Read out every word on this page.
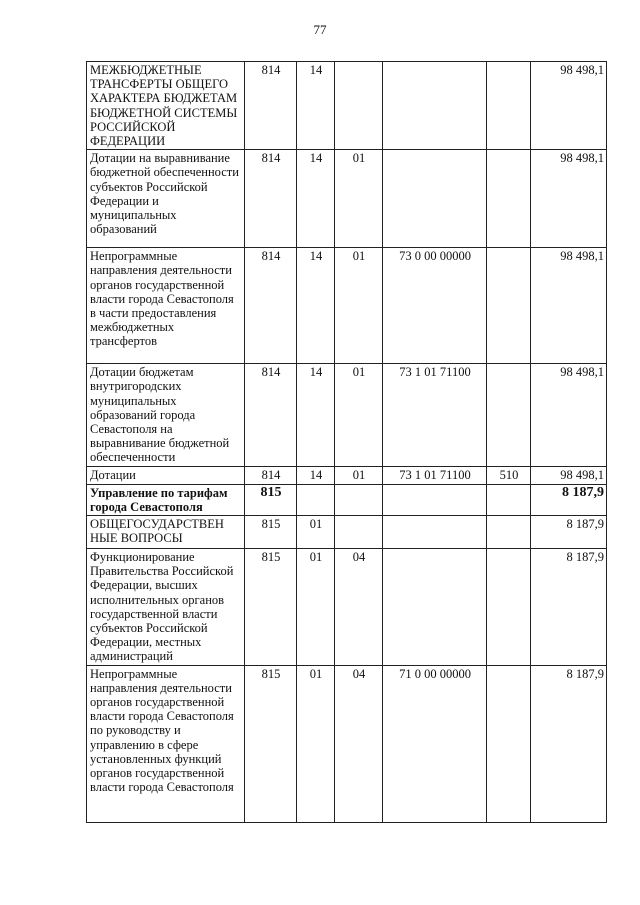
77
МЕЖБЮДЖЕТНЫЕ ТРАНСФЕРТЫ ОБЩЕГО ХАРАКТЕРА БЮДЖЕТАМ БЮДЖЕТНОЙ СИСТЕМЫ РОССИЙСКОЙ ФЕДЕРАЦИИ	814	14				98 498,1
Дотации на выравнивание бюджетной обеспеченности субъектов Российской Федерации и муниципальных образований	814	14	01			98 498,1
Непрограммные направления деятельности органов государственной власти города Севастополя в части предоставления межбюджетных трансфертов	814	14	01	73 0 00 00000		98 498,1
Дотации бюджетам внутригородских муниципальных образований города Севастополя на выравнивание бюджетной обеспеченности	814	14	01	73 1 01 71100		98 498,1
Дотации	814	14	01	73 1 01 71100	510	98 498,1
Управление по тарифам города Севастополя	815					8 187,9
ОБЩЕГОСУДАРСТВЕН НЫЕ ВОПРОСЫ	815	01				8 187,9
Функционирование Правительства Российской Федерации, высших исполнительных органов государственной власти субъектов Российской Федерации, местных администраций	815	01	04			8 187,9
Непрограммные направления деятельности органов государственной власти города Севастополя по руководству и управлению в сфере установленных функций органов государственной власти города Севастополя	815	01	04	71 0 00 00000		8 187,9
